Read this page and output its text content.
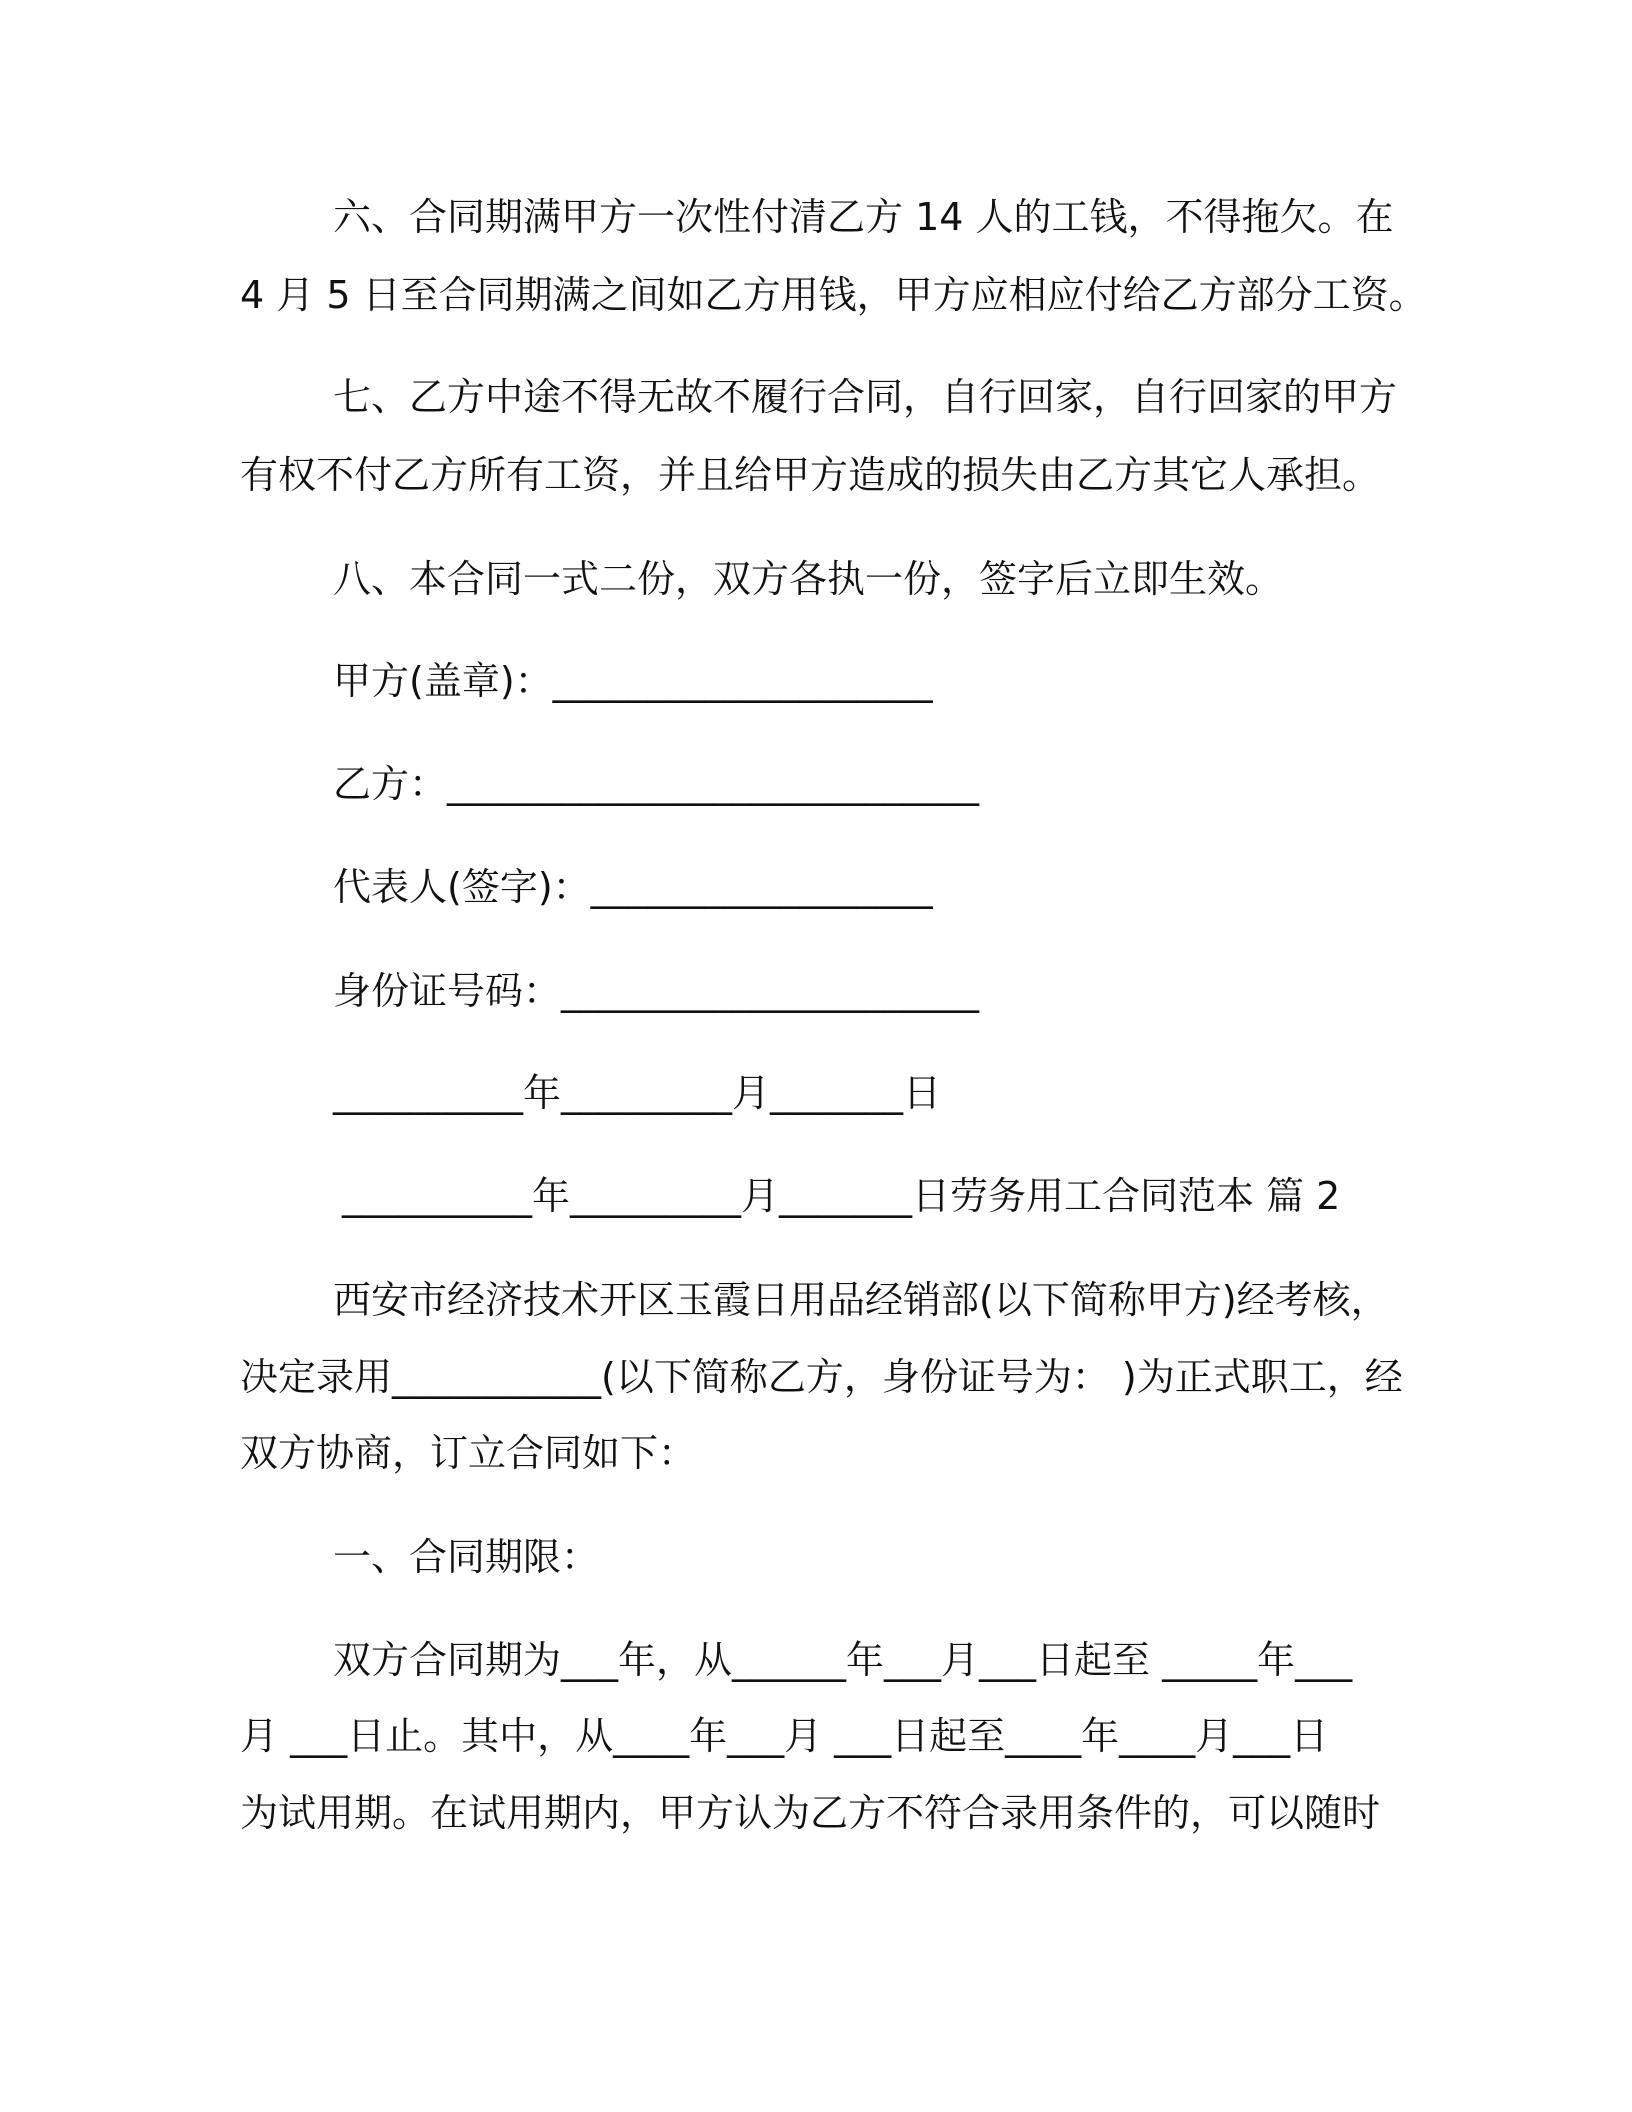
六、合同期满甲方一次性付清乙方 14 人的工钱，不得拖欠。在
4 月 5 日至合同期满之间如乙方用钱，甲方应相应付给乙方部分工资。
七、乙方中途不得无故不履行合同，自行回家，自行回家的甲方
有权不付乙方所有工资，并且给甲方造成的损失由乙方其它人承担。
八、本合同一式二份，双方各执一份，签字后立即生效。
甲方(盖章)：____________________
乙方：____________________________
代表人(签字)：__________________
身份证号码：______________________
__________年_________月_______日
__________年_________月_______日劳务用工合同范本 篇 2
西安市经济技术开区玉霞日用品经销部(以下简称甲方)经考核，
决定录用___________(以下简称乙方，身份证号为： )为正式职工，经
双方协商，订立合同如下：
一、合同期限：
双方合同期为___年，从______年___月___日起至 _____年___
月 ___日止。其中，从____年___月 ___日起至____年____月___日
为试用期。在试用期内，甲方认为乙方不符合录用条件的，可以随时
